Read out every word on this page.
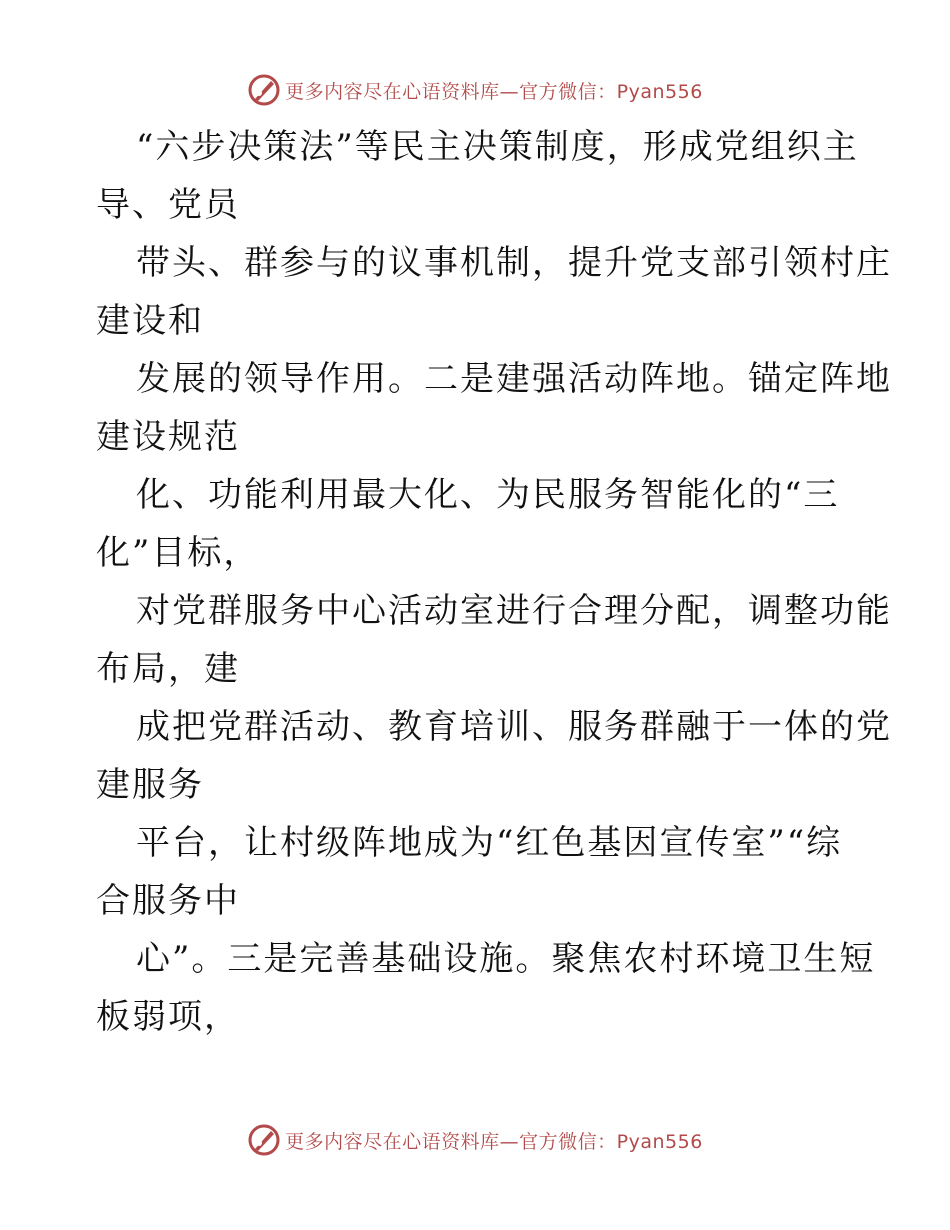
更多内容尽在心语资料库—官方微信：Pyan556
“六步决策法”等民主决策制度，形成党组织主
导、党员
带头、群参与的议事机制，提升党支部引领村庄
建设和
发展的领导作用。二是建强活动阵地。锚定阵地
建设规范
化、功能利用最大化、为民服务智能化的“三
化”目标，
对党群服务中心活动室进行合理分配，调整功能
布局，建
成把党群活动、教育培训、服务群融于一体的党
建服务
平台，让村级阵地成为“红色基因宣传室”“综
合服务中
心”。三是完善基础设施。聚焦农村环境卫生短
板弱项，
更多内容尽在心语资料库—官方微信：Pyan556
